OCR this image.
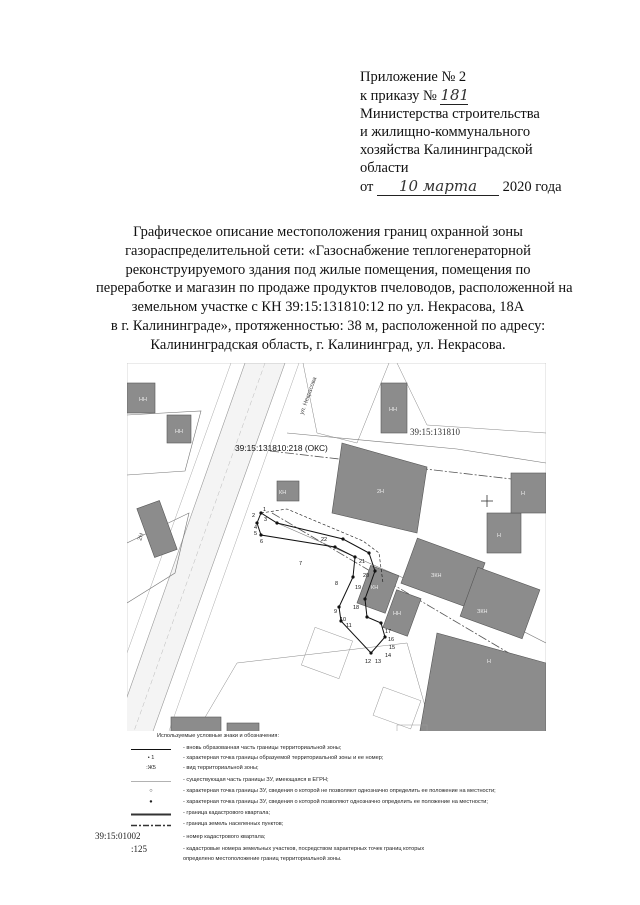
Приложение № 2
к приказу № 181
Министерства строительства
и жилищно-коммунального
хозяйства Калининградской
области
от 10 марта 2020 года
Графическое описание местоположения границ охранной зоны
газораспределительной сети: «Газоснабжение теплогенераторной
реконструируемого здания под жилые помещения, помещения по
переработке и магазин по продаже продуктов пчеловодов, расположенной на
земельном участке с КН 39:15:131810:12 по ул. Некрасова, 18А
в г. Калининграде», протяженностью: 38 м, расположенной по адресу:
Калининградская область, г. Калининград, ул. Некрасова.
39:15:131810
39:15:131810:218 (ОКС)
ул. Некрасова
2Н
1
2
3
4
5
6
7
8
9
10
11
12 13
14
15
16
17
18
19
20
21
22
НН
НН
НН
2Н
КН
ЗКН
Н
Н
ЗКН
Н
КН
НН
Используемые условные знаки и обозначения:
- вновь образованная часть границы территориальной зоны;
• 1	- характерная точка границы образуемой территориальной зоны и ее номер;
:Ж5	- вид территориальной зоны;
- существующая часть границы ЗУ, имеющаяся в ЕГРН;
○	- характерная точка границы ЗУ, сведения о которой не позволяют однозначно определить ее положение на местности;
●	- характерная точка границы ЗУ, сведения о которой позволяют однозначно определить ее положение на местности;
- граница кадастрового квартала;
- граница земель населенных пунктов;
39:15:01002	- номер кадастрового квартала;
:125	- кадастровые номера земельных участков, посредством характерных точек границ которых
определено местоположение границ территориальной зоны.
